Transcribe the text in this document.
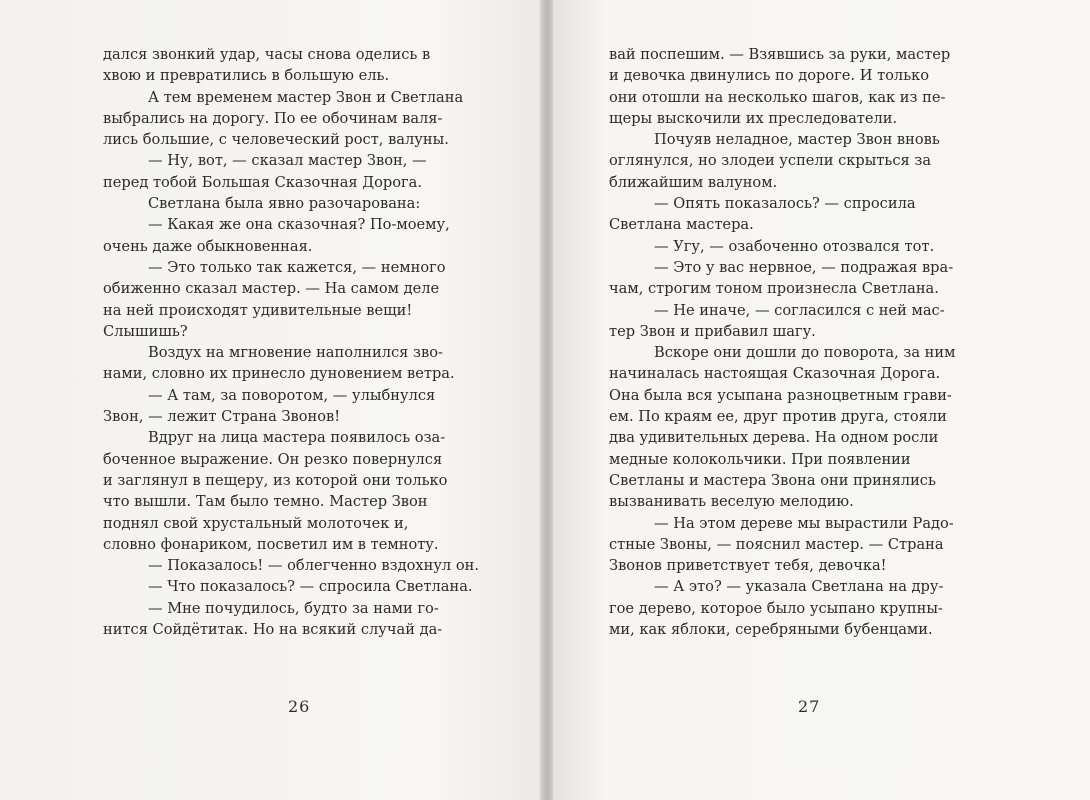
дался звонкий удар, часы снова оделись в
хвою и превратились в большую ель.
А тем временем мастер Звон и Светлана
выбрались на дорогу. По ее обочинам валя-
лись большие, с человеческий рост, валуны.
— Ну, вот, — сказал мастер Звон, —
перед тобой Большая Сказочная Дорога.
Светлана была явно разочарована:
— Какая же она сказочная? По-моему,
очень даже обыкновенная.
— Это только так кажется, — немного
обиженно сказал мастер. — На самом деле
на ней происходят удивительные вещи!
Слышишь?
Воздух на мгновение наполнился зво-
нами, словно их принесло дуновением ветра.
— А там, за поворотом, — улыбнулся
Звон, — лежит Страна Звонов!
Вдруг на лица мастера появилось оза-
боченное выражение. Он резко повернулся
и заглянул в пещеру, из которой они только
что вышли. Там было темно. Мастер Звон
поднял свой хрустальный молоточек и,
словно фонариком, посветил им в темноту.
— Показалось! — облегченно вздохнул он.
— Что показалось? — спросила Светлана.
— Мне почудилось, будто за нами го-
нится Сойдётитак. Но на всякий случай да-
26
вай поспешим. — Взявшись за руки, мастер
и девочка двинулись по дороге. И только
они отошли на несколько шагов, как из пе-
щеры выскочили их преследователи.
Почуяв неладное, мастер Звон вновь
оглянулся, но злодеи успели скрыться за
ближайшим валуном.
— Опять показалось? — спросила
Светлана мастера.
— Угу, — озабоченно отозвался тот.
— Это у вас нервное, — подражая вра-
чам, строгим тоном произнесла Светлана.
— Не иначе, — согласился с ней мас-
тер Звон и прибавил шагу.
Вскоре они дошли до поворота, за ним
начиналась настоящая Сказочная Дорога.
Она была вся усыпана разноцветным грави-
ем. По краям ее, друг против друга, стояли
два удивительных дерева. На одном росли
медные колокольчики. При появлении
Светланы и мастера Звона они принялись
вызванивать веселую мелодию.
— На этом дереве мы вырастили Радо-
стные Звоны, — пояснил мастер. — Страна
Звонов приветствует тебя, девочка!
— А это? — указала Светлана на дру-
гое дерево, которое было усыпано крупны-
ми, как яблоки, серебряными бубенцами.
27
